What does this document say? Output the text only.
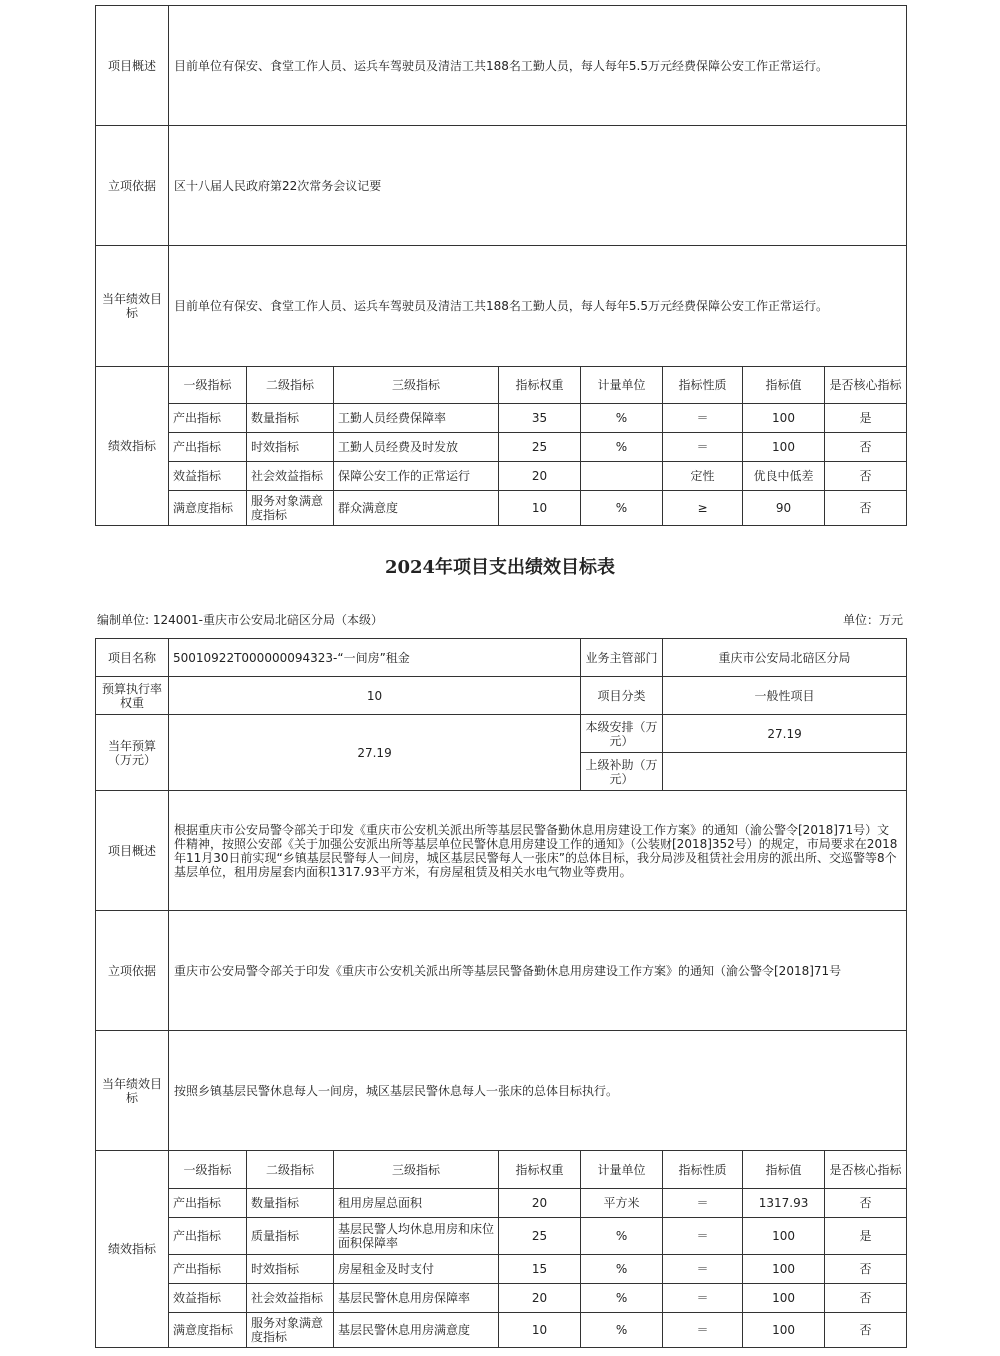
项目概述	目前单位有保安、食堂工作人员、运兵车驾驶员及清洁工共188名工勤人员，每人每年5.5万元经费保障公安工作正常运行。							
立项依据	区十八届人民政府第22次常务会议记要							
当年绩效目标	目前单位有保安、食堂工作人员、运兵车驾驶员及清洁工共188名工勤人员，每人每年5.5万元经费保障公安工作正常运行。							
绩效指标	一级指标	二级指标	三级指标	指标权重	计量单位	指标性质	指标值	是否核心指标
	产出指标	数量指标	工勤人员经费保障率	35	%	＝	100	是
	产出指标	时效指标	工勤人员经费及时发放	25	%	＝	100	否
	效益指标	社会效益指标	保障公安工作的正常运行	20		定性	优良中低差	否
	满意度指标	服务对象满意度指标	群众满意度	10	%	≥	90	否
2024年项目支出绩效目标表
编制单位: 124001-重庆市公安局北碚区分局（本级）	单位：万元
项目名称	50010922T000000094323-“一间房”租金				业务主管部门	重庆市公安局北碚区分局		
预算执行率权重	10				项目分类	一般性项目		
当年预算（万元）	27.19				本级安排（万元）	27.19		
					上级补助（万元）			
项目概述	根据重庆市公安局警令部关于印发《重庆市公安机关派出所等基层民警备勤休息用房建设工作方案》的通知（渝公警令[2018]71号）文件精神，按照公安部《关于加强公安派出所等基层单位民警休息用房建设工作的通知》（公装财[2018]352号）的规定，市局要求在2018年11月30日前实现“乡镇基层民警每人一间房，城区基层民警每人一张床”的总体目标，我分局涉及租赁社会用房的派出所、交巡警等8个基层单位，租用房屋套内面积1317.93平方米，有房屋租赁及相关水电气物业等费用。							
立项依据	重庆市公安局警令部关于印发《重庆市公安机关派出所等基层民警备勤休息用房建设工作方案》的通知（渝公警令[2018]71号							
当年绩效目标	按照乡镇基层民警休息每人一间房，城区基层民警休息每人一张床的总体目标执行。							
绩效指标	一级指标	二级指标	三级指标	指标权重	计量单位	指标性质	指标值	是否核心指标
	产出指标	数量指标	租用房屋总面积	20	平方米	＝	1317.93	否
	产出指标	质量指标	基层民警人均休息用房和床位面积保障率	25	%	＝	100	是
	产出指标	时效指标	房屋租金及时支付	15	%	＝	100	否
	效益指标	社会效益指标	基层民警休息用房保障率	20	%	＝	100	否
	满意度指标	服务对象满意度指标	基层民警休息用房满意度	10	%	＝	100	否
